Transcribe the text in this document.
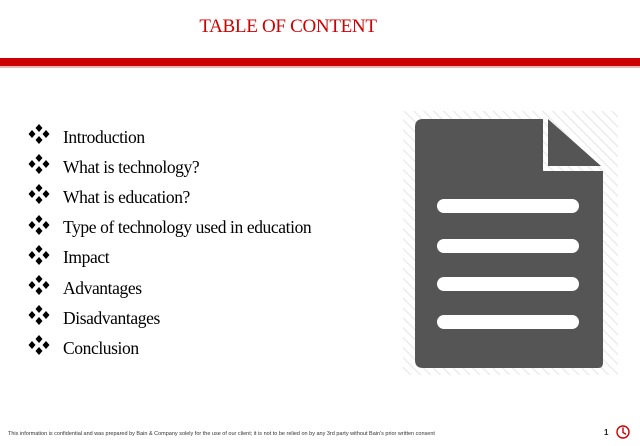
TABLE OF CONTENT
Introduction
What is technology?
What is education?
Type of technology used in education
Impact
Advantages
Disadvantages
Conclusion
This information is confidential and was prepared by Bain & Company solely for the use of our client; it is not to be relied on by any 3rd party without Bain's prior written consent	1
